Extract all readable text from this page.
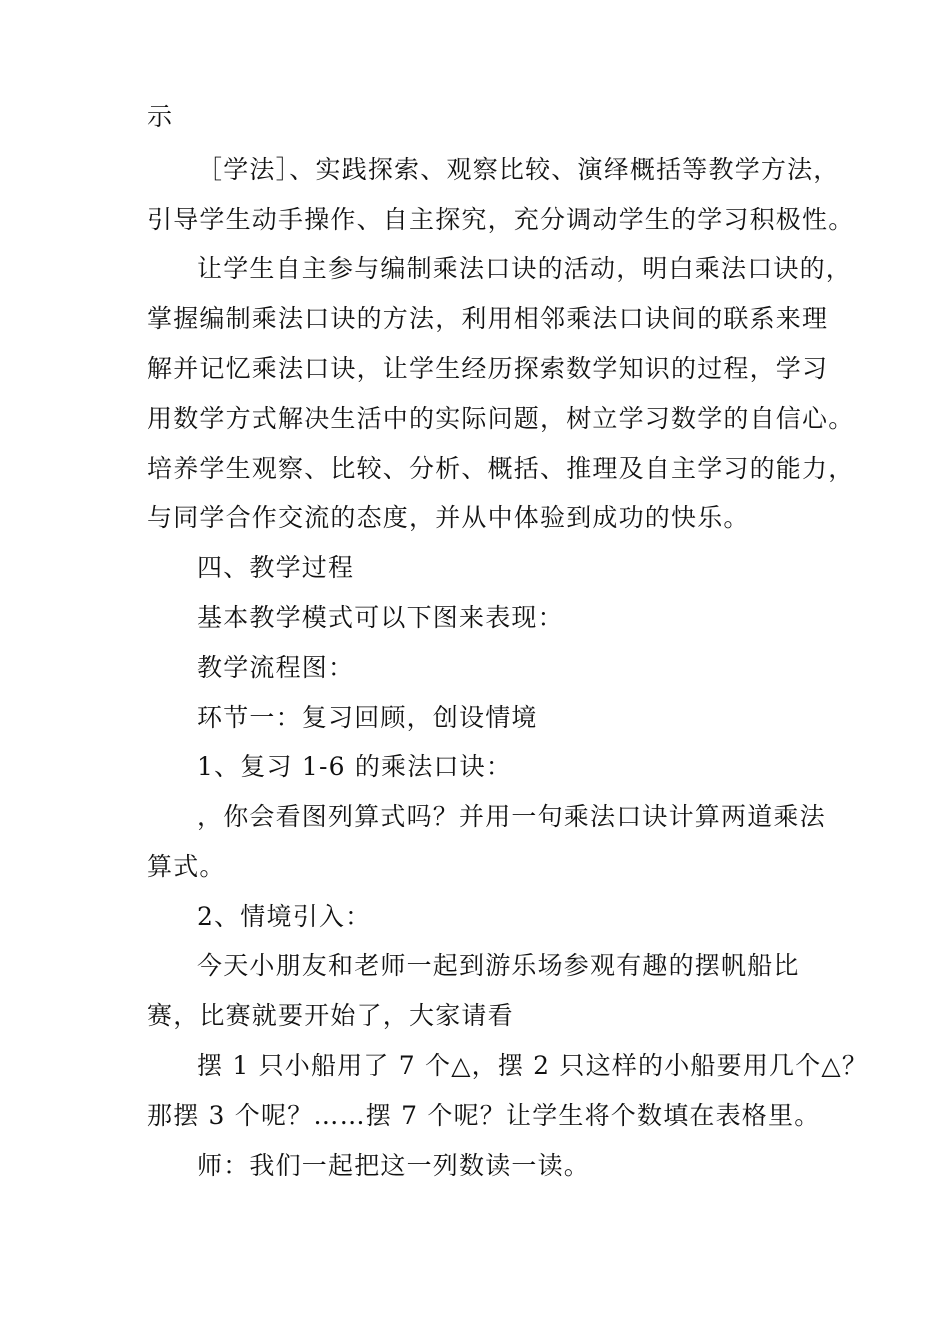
示
［学法］、实践探索、观察比较、演绎概括等教学方法，
引导学生动手操作、自主探究，充分调动学生的学习积极性。
让学生自主参与编制乘法口诀的活动，明白乘法口诀的，
掌握编制乘法口诀的方法，利用相邻乘法口诀间的联系来理
解并记忆乘法口诀，让学生经历探索数学知识的过程，学习
用数学方式解决生活中的实际问题，树立学习数学的自信心。
培养学生观察、比较、分析、概括、推理及自主学习的能力，
与同学合作交流的态度，并从中体验到成功的快乐。
四、教学过程
基本教学模式可以下图来表现：
教学流程图：
环节一：复习回顾，创设情境
1、复习 1-6 的乘法口诀：
，你会看图列算式吗？并用一句乘法口诀计算两道乘法
算式。
2、情境引入：
今天小朋友和老师一起到游乐场参观有趣的摆帆船比
赛，比赛就要开始了，大家请看
摆 1 只小船用了 7 个△，摆 2 只这样的小船要用几个△？
那摆 3 个呢？……摆 7 个呢？让学生将个数填在表格里。
师：我们一起把这一列数读一读。
